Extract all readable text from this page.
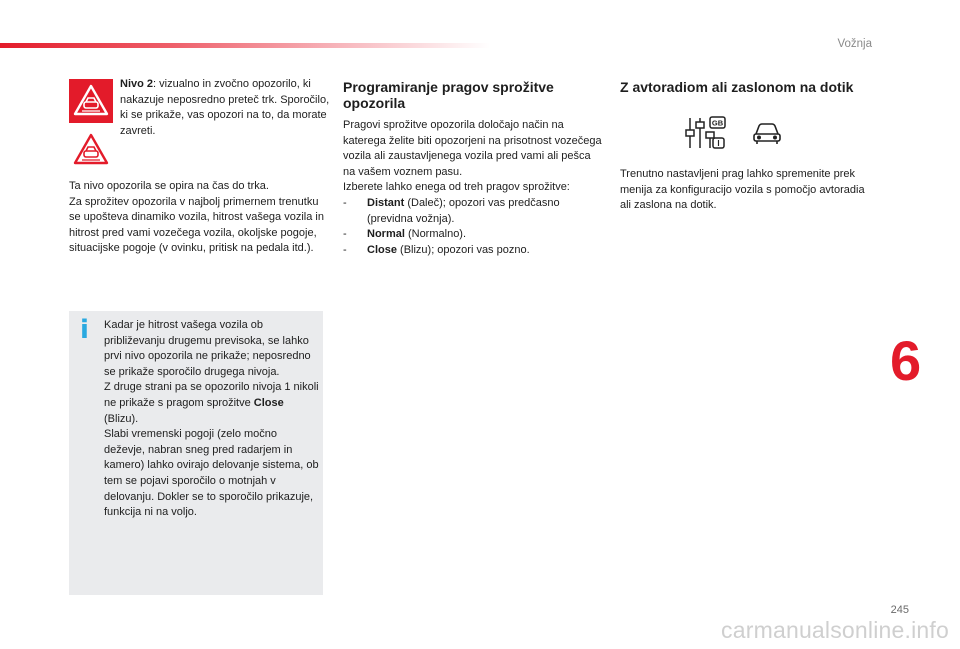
Vožnja
6
245
carmanualsonline.info

Nivo 2: vizualno in zvočno opozorilo, ki nakazuje neposredno preteč trk. Sporočilo, ki se prikaže, vas opozori na to, da morate zavreti.

Ta nivo opozorila se opira na čas do trka.

Za sprožitev opozorila v najbolj primernem trenutku se upošteva dinamiko vozila, hitrost vašega vozila in hitrost pred vami vozečega vozila, okoljske pogoje, situacijske pogoje (v ovinku, pritisk na pedala itd.).

i Kadar je hitrost vašega vozila ob približevanju drugemu previsoka, se lahko prvi nivo opozorila ne prikaže; neposredno se prikaže sporočilo drugega nivoja.

Z druge strani pa se opozorilo nivoja 1 nikoli ne prikaže s pragom sprožitve Close (Blizu).

Slabi vremenski pogoji (zelo močno deževje, nabran sneg pred radarjem in kamero) lahko ovirajo delovanje sistema, ob tem se pojavi sporočilo o motnjah v delovanju. Dokler se to sporočilo prikazuje, funkcija ni na voljo.

Programiranje pragov sprožitve opozorila

Pragovi sprožitve opozorila določajo način na katerega želite biti opozorjeni na prisotnost vozečega vozila ali zaustavljenega vozila pred vami ali pešca na vašem voznem pasu.

Izberete lahko enega od treh pragov sprožitve:

-	Distant (Daleč); opozori vas predčasno (previdna vožnja).

-	Normal (Normalno).

-	Close (Blizu); opozori vas pozno.

Z avtoradiom ali zaslonom na dotik
GB
I

Trenutno nastavljeni prag lahko spremenite prek menija za konfiguracijo vozila s pomočjo avtoradia ali zaslona na dotik.
